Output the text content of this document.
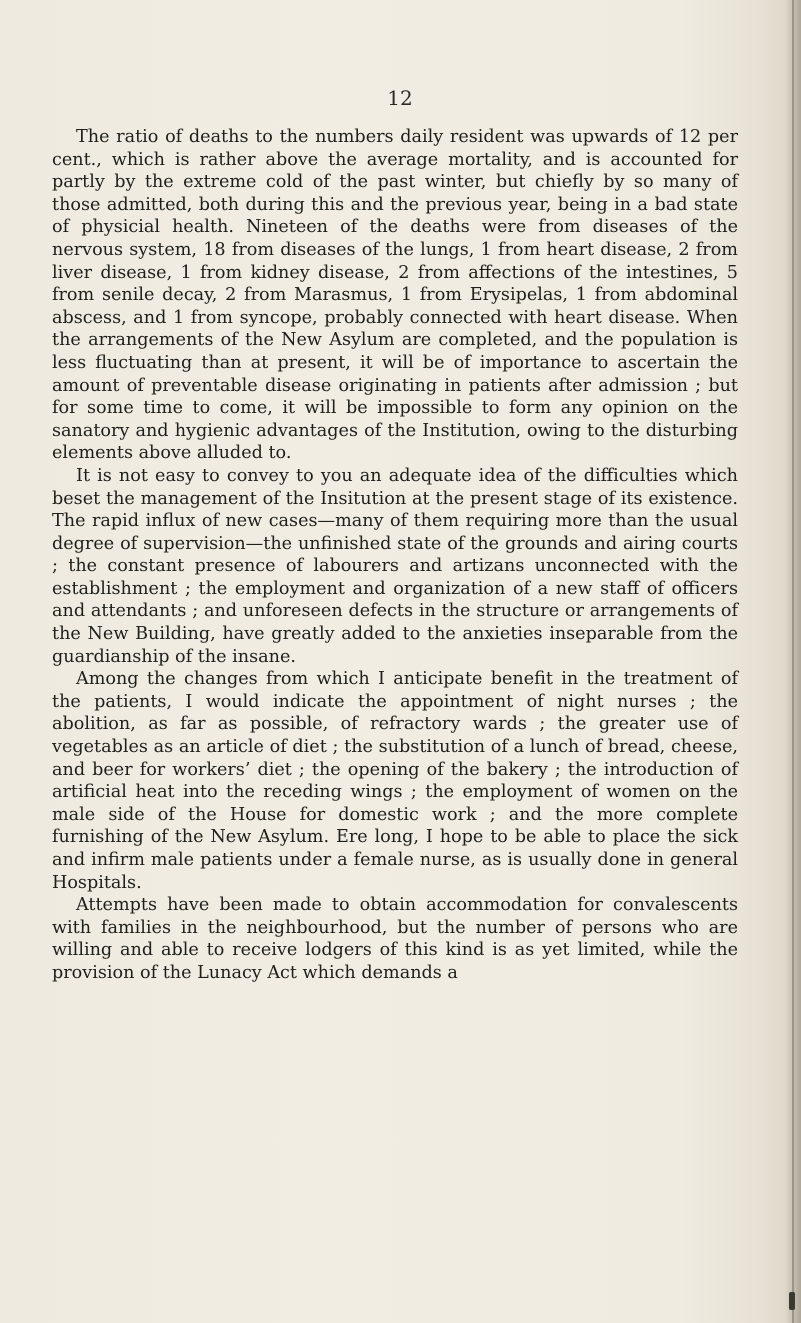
12

The ratio of deaths to the numbers daily resident was upwards of 12 per cent., which is rather above the average mortality, and is accounted for partly by the extreme cold of the past winter, but chiefly by so many of those admitted, both during this and the previous year, being in a bad state of physicial health. Nineteen of the deaths were from diseases of the nervous system, 18 from diseases of the lungs, 1 from heart disease, 2 from liver disease, 1 from kidney disease, 2 from affections of the intestines, 5 from senile decay, 2 from Marasmus, 1 from Erysipelas, 1 from abdominal abscess, and 1 from syncope, probably connected with heart disease. When the arrangements of the New Asylum are completed, and the population is less fluctuating than at present, it will be of importance to ascertain the amount of preventable disease originating in patients after admission ; but for some time to come, it will be impossible to form any opinion on the sanatory and hygienic advantages of the Institution, owing to the disturbing elements above alluded to.

It is not easy to convey to you an adequate idea of the difficulties which beset the management of the Insitution at the present stage of its existence. The rapid influx of new cases—many of them requiring more than the usual degree of supervision—the unfinished state of the grounds and airing courts ; the constant presence of labourers and artizans unconnected with the establishment ; the employment and organization of a new staff of officers and attendants ; and unforeseen defects in the structure or arrangements of the New Building, have greatly added to the anxieties inseparable from the guardianship of the insane.

Among the changes from which I anticipate benefit in the treatment of the patients, I would indicate the appointment of night nurses ; the abolition, as far as possible, of refractory wards ; the greater use of vegetables as an article of diet ; the substitution of a lunch of bread, cheese, and beer for workers’ diet ; the opening of the bakery ; the introduction of artificial heat into the receding wings ; the employment of women on the male side of the House for domestic work ; and the more complete furnishing of the New Asylum. Ere long, I hope to be able to place the sick and infirm male patients under a female nurse, as is usually done in general Hospitals.

Attempts have been made to obtain accommodation for convalescents with families in the neighbourhood, but the number of persons who are willing and able to receive lodgers of this kind is as yet limited, while the provision of the Lunacy Act which demands a
